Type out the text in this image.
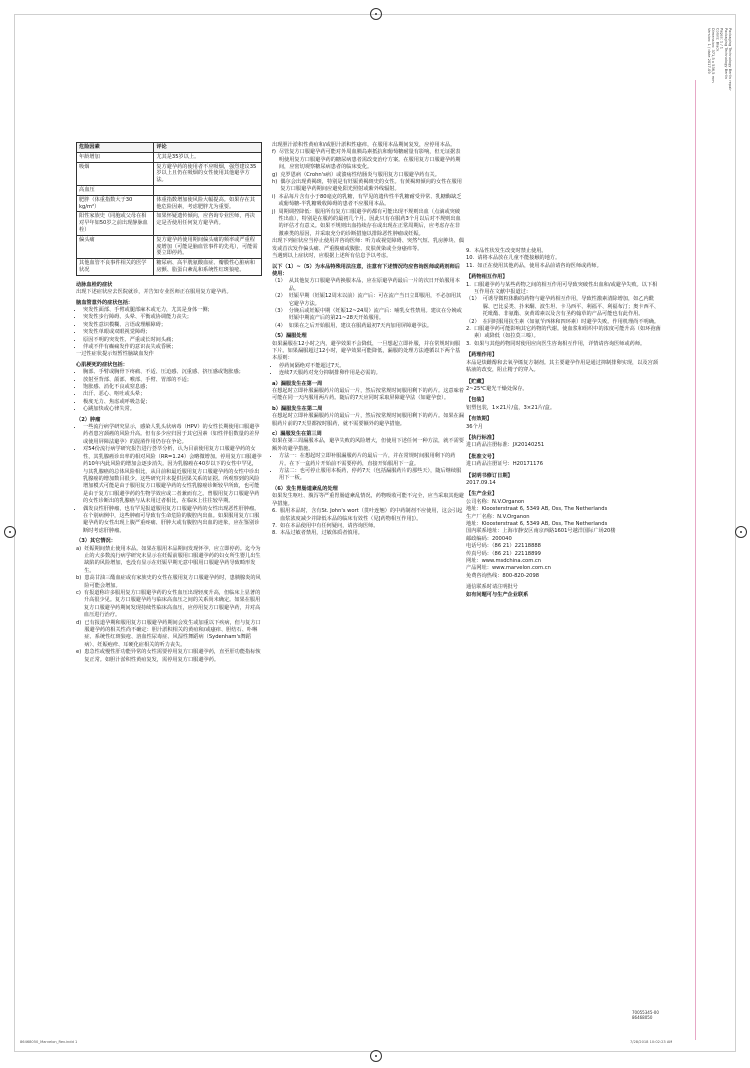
Packaging Technology Berlin repair
Packaging Technology Berlin
Pages: 1 / 1
Colors: Black
Dimension: 371,5 x 536,5 mm
Version: 1 / date 2017-09
危险因素	评论
年龄增加	尤其是35岁以上。
吸烟	复方避孕药的使用者不应吸烟，强烈建议35岁以上且仍在吸烟的女性使用其他避孕方法。
高血压	
肥胖（体重指数大于30 kg/m²）	体重指数增加使风险大幅提高。如果存在其他危险因素，考虑肥胖尤为重要。
阳性家族史（同胞或父母在相对早年如50岁之前出现静脉血栓）	如果怀疑遗传倾向，应咨询专业医师，再决定是否使用任何复方避孕药。
偏头痛	复方避孕药使用期间偏头痛的频率或严重程度增加（可能是脑血管事件的先兆），可能需要立即停药。
其他血管不良事件相关的医学状况	糖尿病、高半胱氨酸血症、瓣膜性心脏病和房颤、脂蛋白紊乱和系统性红斑狼疮。
动脉血栓的症状
出现下述症状应去医院就诊，并告知专业医师正在服用复方避孕药。
脑血管意外的症状包括：
• 突发性面部、手臂或腿部麻木或无力，尤其是身体一侧；
• 突发性步行障碍、头晕、平衡或协调能力丧失；
• 突发性意识模糊、言语或理解障碍；
• 突发性单眼或双眼视觉障碍；
• 原因不明的突发性、严重或长时间头痛；
• 伴或不伴有癫痫发作的意识丧失或昏厥；
一过性症状提示短暂性脑缺血发作
心肌梗死的症状包括：
• 胸部、手臂或胸骨下疼痛、不适、压迫感、沉重感、挤压感或饱胀感；
• 放射至背部、颌部、喉部、手臂、胃部的不适；
• 饱胀感、消化不良或窒息感；
• 出汗、恶心、呕吐或头晕；
• 极度无力、焦虑或呼吸急促；
• 心跳加快或心律失常。
（2）肿瘤
• 一些流行病学研究显示，感染人乳头状病毒（HPV）的女性长期使用口服避孕药者患宫颈癌的风险升高。但有多少应归因于其它因素（如性伴侣数量的差异或使用屏障法避孕）的混淆作用仍存在争论。
• 对54份流行病学研究报告进行荟萃分析，认为目前使用复方口服避孕药的女性，其乳腺癌诊出率的相对风险（RR=1.24）会略微增加。停用复方口服避孕药10年内此风险的增加会逐步消失。因为乳腺癌在40岁以下的女性中罕见，与其乳腺癌的总体风险相比，从目前和最近服用复方口服避孕药的女性中诊出乳腺癌的增加数目很少。这些研究并未提供因果关系的证据。所观察到的风险增加模式可能是由于服用复方口服避孕药的女性乳腺癌诊断较早所致，也可能是由于复方口服避孕药的生物学效应或二者兼而有之。曾服用复方口服避孕药的女性诊断出的乳腺癌与从未用过者相比，在临床上往往较早期。
• 偶发良性肝肿瘤，也有罕见报道服用复方口服避孕药的女性出现恶性肝肿瘤。在个别病例中，这些肿瘤可导致有生命危险的腹腔内出血。如果服用复方口服避孕药的女性出现上腹严重疼痛、肝肿大或有腹腔内出血的迹象，应在鉴别诊断时考虑肝肿瘤。
（3）其它情况：
a) 妊娠期间禁止使用本品。如果在服用本品期间发现怀孕，应立即停药。迄今为止的大多数流行病学研究未显示在妊娠前服用口服避孕药的妇女所生婴儿出生缺陷的风险增加，也没有显示在妊娠早期无意中服用口服避孕药导致畸形发生。
b) 患高甘油三酯血症或有家族史的女性在服用复方口服避孕药时，患胰腺炎的风险可能会增加。
c) 有报道称许多服用复方口服避孕药的女性血压出现轻度升高，但临床上显著的升高很少见。复方口服避孕药与临床高血压之间的关系尚未确定。如果在服用复方口服避孕药期间发现持续性临床高血压，应停用复方口服避孕药，并对高血压进行治疗。
d) 已有报道孕期和服用复方口服避孕药期间会发生或加重以下疾病，但与复方口服避孕药的相关性尚不确定：胆汁淤积相关的黄疸和/或瘙痒、胆结石、卟啉症、系统性红斑狼疮、溶血性尿毒症、风湿性舞蹈病（Sydenham's舞蹈病）、妊娠疱疹、耳硬化症相关的听力丧失。
e) 患急性或慢性肝功能异常的女性需要停用复方口服避孕药，直至肝功能指标恢复正常。如胆汁淤积性黄疸复发，需停用复方口服避孕药。
出现胆汁淤积性黄疸和/或胆汁淤积性瘙痒，在服用本品期间复发，应停用本品。
f) 尽管复方口服避孕药可能对外周血胰岛素抵抗和葡萄糖耐量有影响，但无证据表明使用复方口服避孕药的糖尿病患者需改变治疗方案。在服用复方口服避孕药期间，应密切观察糖尿病患者的临床变化。
g) 克罗恩病（Crohn's病）或溃疡性结肠炎与服用复方口服避孕药有关。
h) 偶尔会出现黄褐斑，特别是有妊娠黄褐斑史的女性。有黄褐斑倾向的女性在服用复方口服避孕药期间应避免阳光照射或紫外线辐射。
i) 本品每片含有小于80毫克的乳糖，有罕见的遗传性半乳糖耐受异常、乳糖酶缺乏或葡萄糖-半乳糖吸收障碍的患者不应服用本品。
j) 周期调控降低：服用所有复方口服避孕药都有可能出现不规则出血（点滴或突破性出血），特别是在服药的最初几个月。因此只有在服药3个月以后对不规则出血的评估才有意义。如果不规则出血持续存在或出现在正常周期后，应考虑存在非激素类的原因，并采取充分的诊断措施以排除恶性肿瘤或妊娠。
出现下列症状应当停止使用并咨询医师：听力或视觉障碍、突然气短、乳房肿块、偶发或首次发作偏头痛、严重腹痛或腹胀、皮肤黄染或全身瘙痒等。
当遇到以上症状时，应根据上述所有信息予以考虑。
以下（1）~（5）为本品特殊用法注意，注意有下述情况均应咨询医师或药剂师后使用：
（1） 从其他复方口服避孕药换服本品，应在原避孕药最后一片的次日开始服用本品。
（2） 妊娠早期（妊娠12周末以前）流产后：可在流产当日立即服用，不必加用其它避孕方法。
（3） 分娩后或妊娠中期（妊娠12~24周）流产后：哺乳女性禁用。建议在分娩或妊娠中期流产后的第21~28天开始服用。
（4） 如果在之后开始服用，建议在服药最初7天内加用屏障避孕法。
（5）漏服处理
如果漏服在12小时之内，避孕效果不会降低，一旦想起立即补服，并在常规时间服下片。如果漏服超过12小时，避孕效果可能降低，漏服的处理方法遵循以下两个基本原则：
• 停药间隔绝对不能超过7天。
• 连续7天服药对充分抑制排卵作用是必需的。
a）漏服发生在第一周
在想起时立即补服漏服药片的最后一片，然后按常规时间服用剩下的药片。这意味着可能在同一天内服用两片药。随后的7天应同时采取屏障避孕法（如避孕套）。
b）漏服发生在第二周
在想起时立即补服漏服药片的最后一片，然后按常规时间服用剩下的药片。如果在漏服药片前的7天里都按时服药，就不需要额外的避孕措施。
c）漏服发生在第三周
如果在第三周漏服本品，避孕失败的风险增大，但使用下述任何一种方法，就不需要额外的避孕措施。
• 方法一：在想起时立即补服漏服药片的最后一片，并在常规时间服用剩下的药片。在下一盒药片开始前不需要停药，直接开始服用下一盒。
• 方法二：也可停止服用本板药，停药7天（包括漏服药片的那些天），随后继续服用下一板。
（6）发生胃肠道紊乱的处理
如果发生呕吐、腹泻等严重胃肠道紊乱情况，药物吸收可能不完全，应当采取其他避孕措施。
6. 服用本品时，含有St. John's wort（贯叶连翘）的中药制剂不应使用，这会引起血浆浓度减少并降低本品的临床有效性（见[药物相互作用]）。
7. 如在本品使用中有任何疑问，请咨询医师。
8. 本品过敏者禁用，过敏体质者慎用。
9. 本品性状发生改变时禁止使用。
10. 请将本品放在儿童不能接触的地方。
11. 如正在使用其他药品，使用本品前请咨询医师或药师。
【药物相互作用】
1. 口服避孕药与某些药物之间的相互作用可导致突破性出血和/或避孕失败。以下相互作用在文献中报道过：
（1） 可诱导微粒体酶的药物与避孕药相互作用，导致性激素清除增加，如乙内酰脲、巴比妥类、扑米酮、波生坦、卡马西平、利福平、利福布汀；奥卡西平、托吡酯、非氨酯、灰黄霉素以及含有圣约翰草的产品可能也有此作用。
（2） 在同时服用抗生素（如氨苄西林和四环素）时避孕失败。作用机理尚不明确。
2. 口服避孕药可能影响其它药物的代谢。使血浆和组织中的浓度可能升高（如环孢菌素）或降低（如拉莫三嗪）。
3. 如果与其他药物同时使用应向医生咨询相互作用，详情请咨询医师或药师。
【药理作用】
本品是炔雌醇和去氧孕烯复方制剂。其主要避孕作用是通过抑制排卵实现，以及宫颈粘液的改变，阻止精子的穿入。
【贮藏】
2~25℃避光干燥处保存。
【包装】
铝塑包装，1×21片/盒，3×21片/盒。
【有效期】
36个月
【执行标准】
进口药品注册标准：JX20140251
【批准文号】
进口药品注册证号：H20171176
【说明书修订日期】
2017.09.14
【生产企业】
公司名称：N.V.Organon
地址：Kloosterstraat 6, 5349 AB, Oss, The Netherlands
生产厂名称：N.V.Organon
地址：Kloosterstraat 6, 5349 AB, Oss, The Netherlands
国内联系地址：上海市静安区南京西路1601号越洋国际广场20楼
邮政编码：200040
电话号码：（86 21）22118888
传真号码：（86 21）22118899
网址：www.msdchina.com.cn
产品网址：www.marvelon.com.cn
免费咨询热线：800-820-2098
通信联系时请注明批号
如有问题可与生产企业联系
70055345-00
86468050
86468050_Marvelon_Rev.indd 1	7/28/2018 10:02:23 AM
